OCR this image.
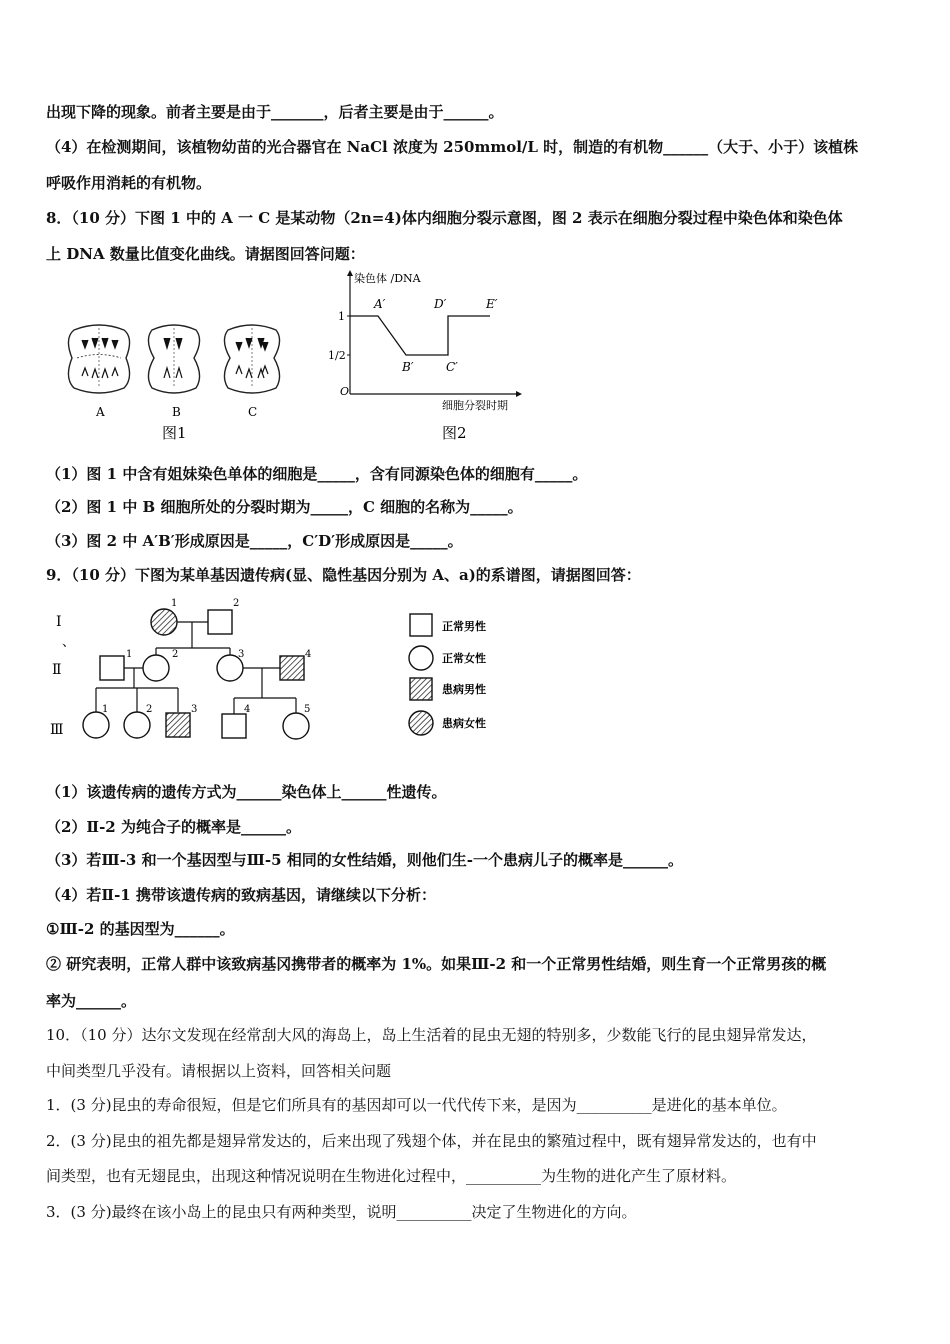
出现下降的现象。前者主要是由于_______，后者主要是由于______。
（4）在检测期间，该植物幼苗的光合器官在 NaCl 浓度为 250mmol/L 时，制造的有机物______（大于、小于）该植株
呼吸作用消耗的有机物。
8．（10 分）下图 1 中的 A 一 C 是某动物（2n=4)体内细胞分裂示意图，图 2 表示在细胞分裂过程中染色体和染色体
上 DNA 数量比值变化曲线。请据图回答问题：
A	B	C
图1
染色体 /DNA
细胞分裂时期
O
1
1/2
A′
B′	C′
D′	E′
图2
（1）图 1 中含有姐妹染色单体的细胞是_____，含有同源染色体的细胞有_____。
（2）图 1 中 B 细胞所处的分裂时期为_____，C 细胞的名称为_____。
（3）图 2 中 A′B′形成原因是_____，C′D′形成原因是_____。
9．（10 分）下图为某单基因遗传病(显、隐性基因分别为 A、a)的系谱图，请据图回答：
Ⅰ
、
Ⅱ
Ⅲ
1	2
1	2	3	4
1	2	3	4	5
正常男性
正常女性
患病男性
患病女性
（1）该遗传病的遗传方式为______染色体上______性遗传。
（2）Ⅱ-2 为纯合子的概率是______。
（3）若Ⅲ-3 和一个基因型与Ⅲ-5 相同的女性结婚，则他们生-一个患病儿子的概率是______。
（4）若Ⅱ-1 携带该遗传病的致病基因，请继续以下分析：
①Ⅲ-2 的基因型为______。
② 研究表明，正常人群中该致病基冈携带者的概率为 1%。如果Ⅲ-2 和一个正常男性结婚，则生育一个正常男孩的概
率为______。
10．（10 分）达尔文发现在经常刮大风的海岛上，岛上生活着的昆虫无翅的特别多，少数能飞行的昆虫翅异常发达，
中间类型几乎没有。请根据以上资料，回答相关问题
1．(3 分)昆虫的寿命很短，但是它们所具有的基因却可以一代代传下来，是因为__________是进化的基本单位。
2．(3 分)昆虫的祖先都是翅异常发达的，后来出现了残翅个体，并在昆虫的繁殖过程中，既有翅异常发达的，也有中
间类型，也有无翅昆虫，出现这种情况说明在生物进化过程中，__________为生物的进化产生了原材料。
3．(3 分)最终在该小岛上的昆虫只有两种类型，说明__________决定了生物进化的方向。
